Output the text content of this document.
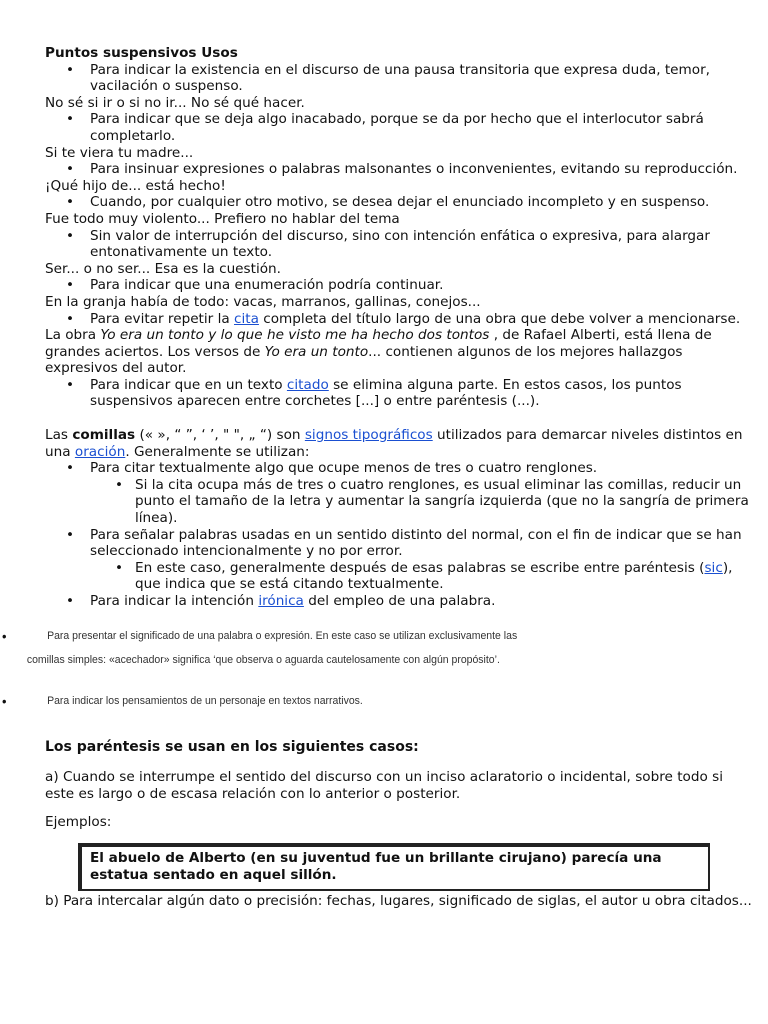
Puntos suspensivos Usos
• Para indicar la existencia en el discurso de una pausa transitoria que expresa duda, temor, vacilación o suspenso.
No sé si ir o si no ir... No sé qué hacer.
• Para indicar que se deja algo inacabado, porque se da por hecho que el interlocutor sabrá completarlo.
Si te viera tu madre...
• Para insinuar expresiones o palabras malsonantes o inconvenientes, evitando su reproducción.
¡Qué hijo de... está hecho!
• Cuando, por cualquier otro motivo, se desea dejar el enunciado incompleto y en suspenso.
Fue todo muy violento... Prefiero no hablar del tema
• Sin valor de interrupción del discurso, sino con intención enfática o expresiva, para alargar entonativamente un texto.
Ser... o no ser... Esa es la cuestión.
• Para indicar que una enumeración podría continuar.
En la granja había de todo: vacas, marranos, gallinas, conejos...
• Para evitar repetir la cita completa del título largo de una obra que debe volver a mencionarse.
La obra Yo era un tonto y lo que he visto me ha hecho dos tontos , de Rafael Alberti, está llena de grandes aciertos. Los versos de Yo era un tonto... contienen algunos de los mejores hallazgos expresivos del autor.
• Para indicar que en un texto citado se elimina alguna parte. En estos casos, los puntos suspensivos aparecen entre corchetes [...] o entre paréntesis (...).
Las comillas (« », “ ”, ‘ ’, " ", „ “) son signos tipográficos utilizados para demarcar niveles distintos en una oración. Generalmente se utilizan:
• Para citar textualmente algo que ocupe menos de tres o cuatro renglones.
• Si la cita ocupa más de tres o cuatro renglones, es usual eliminar las comillas, reducir un punto el tamaño de la letra y aumentar la sangría izquierda (que no la sangría de primera línea).
• Para señalar palabras usadas en un sentido distinto del normal, con el fin de indicar que se han seleccionado intencionalmente y no por error.
• En este caso, generalmente después de esas palabras se escribe entre paréntesis (sic), que indica que se está citando textualmente.
• Para indicar la intención irónica del empleo de una palabra.
•	Para presentar el significado de una palabra o expresión. En este caso se utilizan exclusivamente las
comillas simples: «acechador» significa ‘que observa o aguarda cautelosamente con algún propósito’.
•	Para indicar los pensamientos de un personaje en textos narrativos.
Los paréntesis se usan en los siguientes casos:
a) Cuando se interrumpe el sentido del discurso con un inciso aclaratorio o incidental, sobre todo si este es largo o de escasa relación con lo anterior o posterior.
Ejemplos:
El abuelo de Alberto (en su juventud fue un brillante cirujano) parecía una estatua sentado en aquel sillón.
b) Para intercalar algún dato o precisión: fechas, lugares, significado de siglas, el autor u obra citados...
